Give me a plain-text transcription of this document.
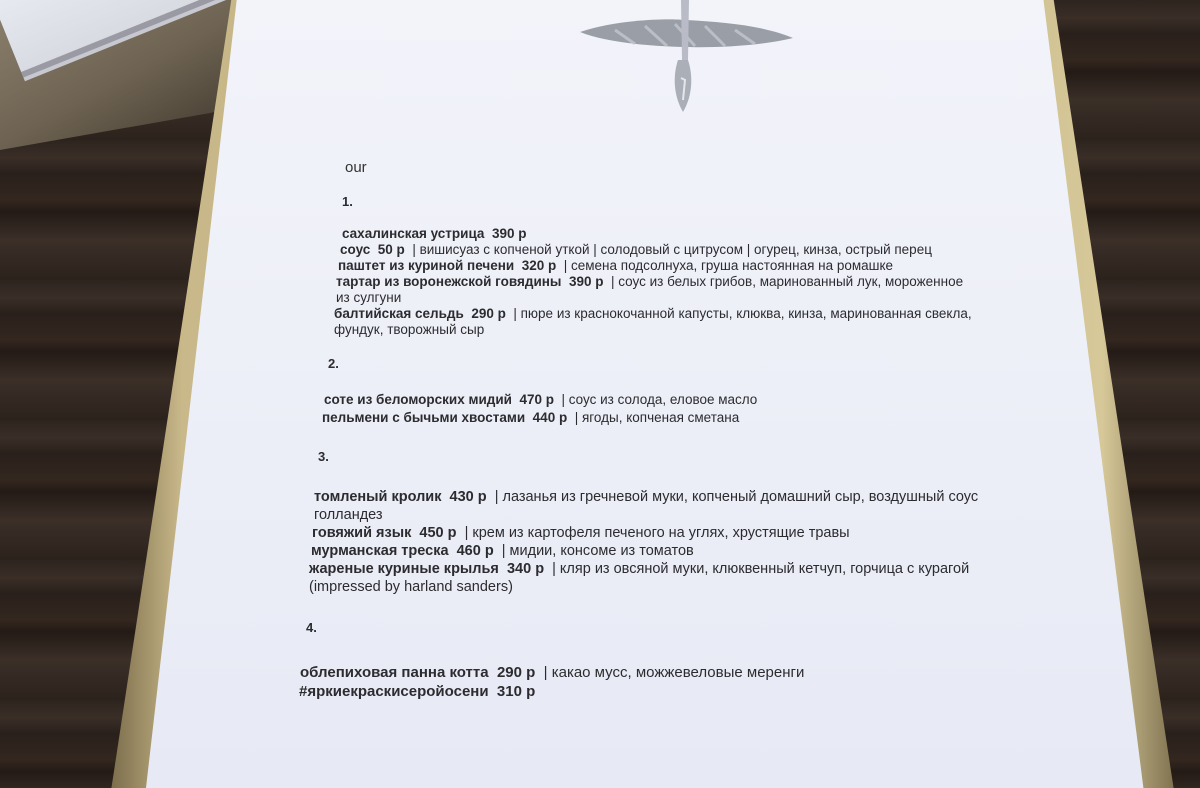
our
1.
сахалинская устрица 390 р
соус 50 р | вишисуаз с копченой уткой | солодовый с цитрусом | огурец, кинза, острый перец
паштет из куриной печени 320 р | семена подсолнуха, груша настоянная на ромашке
тартар из воронежской говядины 390 р | соус из белых грибов, маринованный лук, мороженное из сулгуни
балтийская сельдь 290 р | пюре из краснокочанной капусты, клюква, кинза, маринованная свекла, фундук, творожный сыр
2.
соте из беломорских мидий 470 р | соус из солода, еловое масло
пельмени с бычьми хвостами 440 р | ягоды, копченая сметана
3.
томленый кролик 430 р | лазанья из гречневой муки, копченый домашний сыр, воздушный соус голландез
говяжий язык 450 р | крем из картофеля печеного на углях, хрустящие травы
мурманская треска 460 р | мидии, консоме из томатов
жареные куриные крылья 340 р | кляр из овсяной муки, клюквенный кетчуп, горчица с курагой (impressed by harland sanders)
4.
облепиховая панна котта 290 р | какао мусс, можжевеловые меренги
#яркиекраскисеройосени 310 р
